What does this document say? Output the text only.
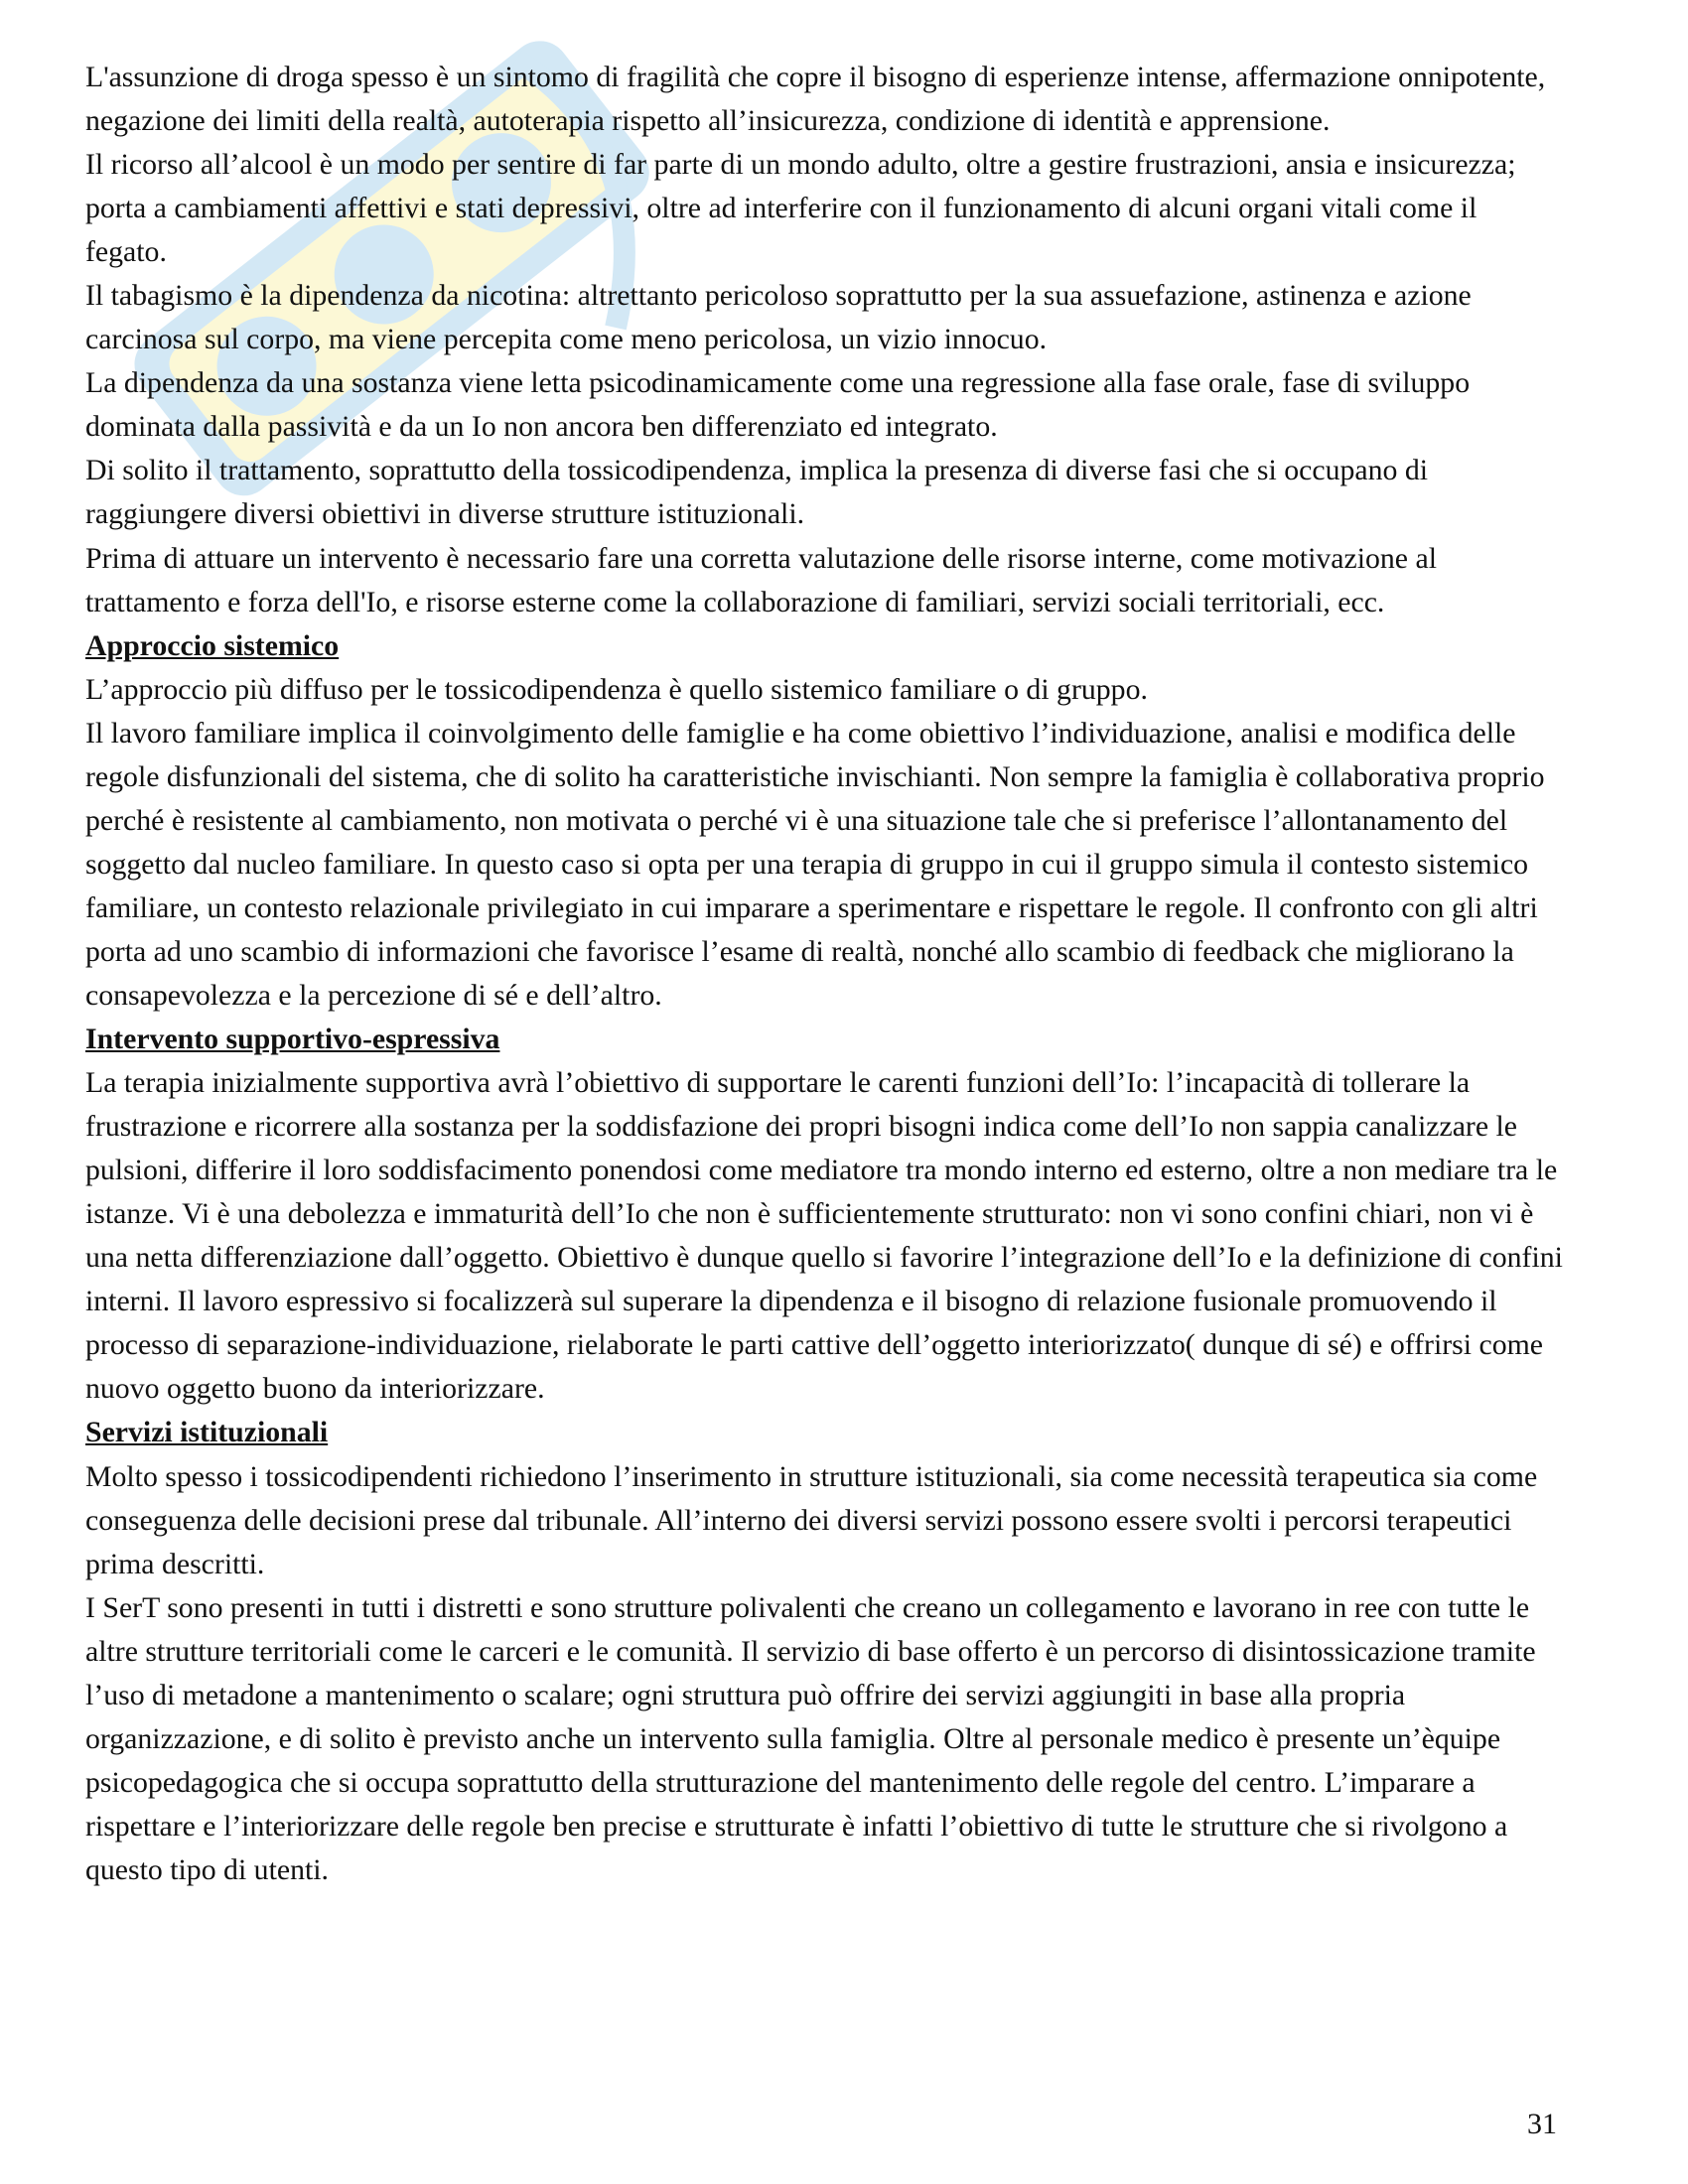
L'assunzione di droga spesso è un sintomo di fragilità che copre il bisogno di esperienze intense, affermazione onnipotente, negazione dei limiti della realtà, autoterapia rispetto all’insicurezza, condizione di identità e apprensione.

Il ricorso all’alcool è un modo per sentire di far parte di un mondo adulto, oltre a gestire frustrazioni, ansia e insicurezza; porta a cambiamenti affettivi e stati depressivi, oltre ad interferire con il funzionamento di alcuni organi vitali come il fegato.

Il tabagismo è la dipendenza da nicotina: altrettanto pericoloso soprattutto per la sua assuefazione, astinenza e azione carcinosa sul corpo, ma viene percepita come meno pericolosa, un vizio innocuo.

La dipendenza da una sostanza viene letta psicodinamicamente come una regressione alla fase orale, fase di sviluppo dominata dalla passività e da un Io non ancora ben differenziato ed integrato.

Di solito il trattamento, soprattutto della tossicodipendenza, implica la presenza di diverse fasi che si occupano di raggiungere diversi obiettivi in diverse strutture istituzionali.

Prima di attuare un intervento è necessario fare una corretta valutazione delle risorse interne, come motivazione al trattamento e forza dell'Io, e risorse esterne come la collaborazione di familiari, servizi sociali territoriali, ecc.

Approccio sistemico

L’approccio più diffuso per le tossicodipendenza è quello sistemico familiare o di gruppo.

Il lavoro familiare implica il coinvolgimento delle famiglie e ha come obiettivo l’individuazione, analisi e modifica delle regole disfunzionali del sistema, che di solito ha caratteristiche invischianti. Non sempre la famiglia è collaborativa proprio perché è resistente al cambiamento, non motivata o perché vi è una situazione tale che si preferisce l’allontanamento del soggetto dal nucleo familiare. In questo caso si opta per una terapia di gruppo in cui il gruppo simula il contesto sistemico familiare, un contesto relazionale privilegiato in cui imparare a sperimentare e rispettare le regole. Il confronto con gli altri porta ad uno scambio di informazioni che favorisce l’esame di realtà, nonché allo scambio di feedback che migliorano la consapevolezza e la percezione di sé e dell’altro.

Intervento supportivo-espressiva

La terapia inizialmente supportiva avrà l’obiettivo di supportare le carenti funzioni dell’Io: l’incapacità di tollerare la frustrazione e ricorrere alla sostanza per la soddisfazione dei propri bisogni indica come dell’Io non sappia canalizzare le pulsioni, differire il loro soddisfacimento ponendosi come mediatore tra mondo interno ed esterno, oltre a non mediare tra le istanze. Vi è una debolezza e immaturità dell’Io che non è sufficientemente strutturato: non vi sono confini chiari, non vi è una netta differenziazione dall’oggetto. Obiettivo è dunque quello si favorire l’integrazione dell’Io e la definizione di confini interni. Il lavoro espressivo si focalizzerà sul superare la dipendenza e il bisogno di relazione fusionale promuovendo il processo di separazione-individuazione, rielaborate le parti cattive dell’oggetto interiorizzato( dunque di sé) e offrirsi come nuovo oggetto buono da interiorizzare.

Servizi istituzionali

Molto spesso i tossicodipendenti richiedono l’inserimento in strutture istituzionali, sia come necessità terapeutica sia come conseguenza delle decisioni prese dal tribunale. All’interno dei diversi servizi possono essere svolti i percorsi terapeutici prima descritti.

I SerT sono presenti in tutti i distretti e sono strutture polivalenti che creano un collegamento e lavorano in ree con tutte le altre strutture territoriali come le carceri e le comunità. Il servizio di base offerto è un percorso di disintossicazione tramite l’uso di metadone a mantenimento o scalare; ogni struttura può offrire dei servizi aggiungiti in base alla propria organizzazione, e di solito è previsto anche un intervento sulla famiglia. Oltre al personale medico è presente un’èquipe psicopedagogica che si occupa soprattutto della strutturazione del mantenimento delle regole del centro. L’imparare a rispettare e l’interiorizzare delle regole ben precise e strutturate è infatti l’obiettivo di tutte le strutture che si rivolgono a questo tipo di utenti.

31
